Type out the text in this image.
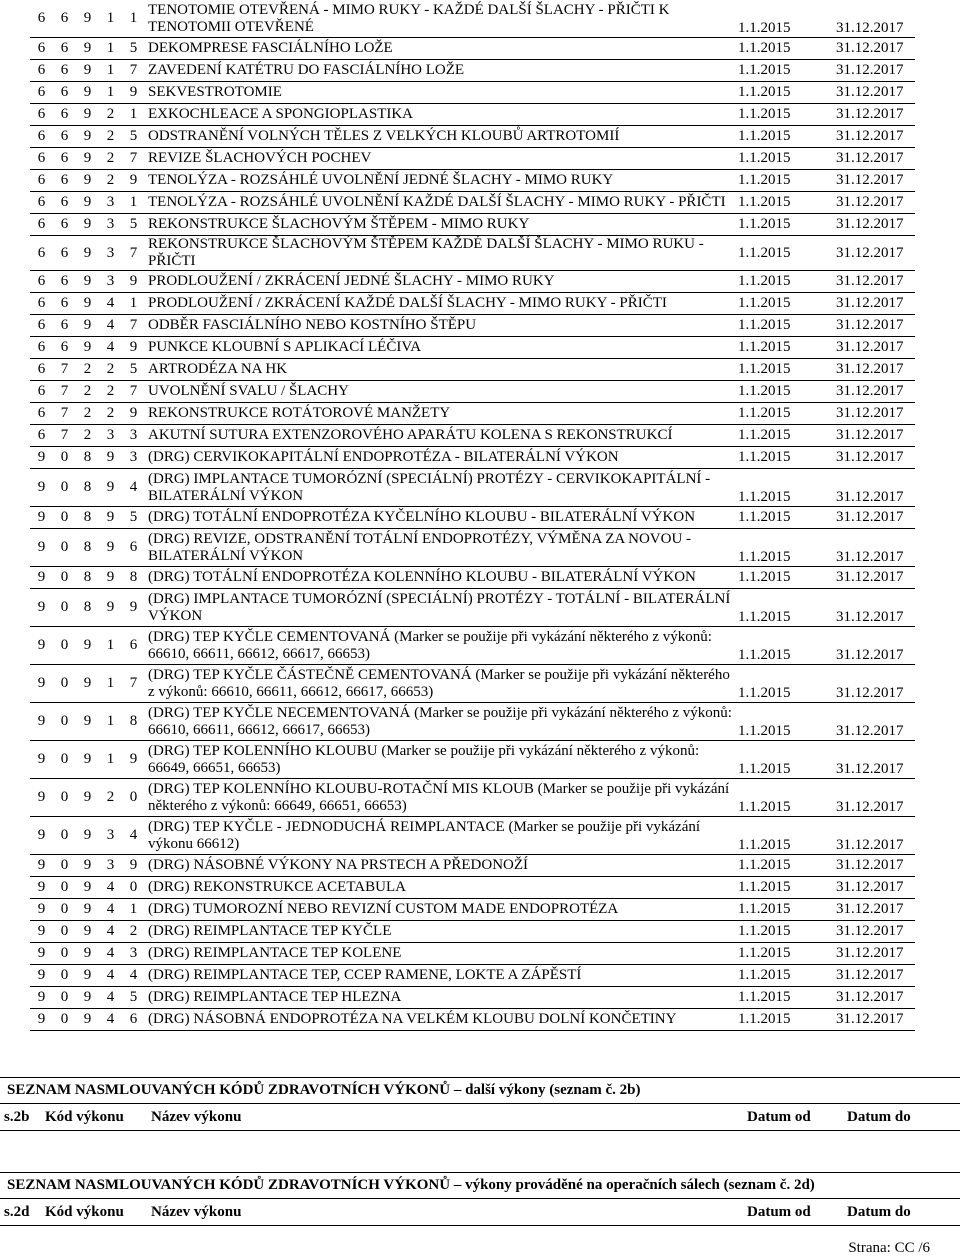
6	6	9	1	1	TENOTOMIE OTEVŘENÁ - MIMO RUKY - KAŽDÉ DALŠÍ ŠLACHY - PŘIČTI K TENOTOMII OTEVŘENÉ	1.1.2015	31.12.2017
6	6	9	1	5	DEKOMPRESE FASCIÁLNÍHO LOŽE	1.1.2015	31.12.2017
6	6	9	1	7	ZAVEDENÍ KATÉTRU DO FASCIÁLNÍHO LOŽE	1.1.2015	31.12.2017
6	6	9	1	9	SEKVESTROTOMIE	1.1.2015	31.12.2017
6	6	9	2	1	EXKOCHLEACE A SPONGIOPLASTIKA	1.1.2015	31.12.2017
6	6	9	2	5	ODSTRANĚNÍ VOLNÝCH TĚLES Z VELKÝCH KLOUBŮ ARTROTOMIÍ	1.1.2015	31.12.2017
6	6	9	2	7	REVIZE ŠLACHOVÝCH POCHEV	1.1.2015	31.12.2017
6	6	9	2	9	TENOLÝZA - ROZSÁHLÉ UVOLNĚNÍ JEDNÉ ŠLACHY - MIMO RUKY	1.1.2015	31.12.2017
6	6	9	3	1	TENOLÝZA - ROZSÁHLÉ UVOLNĚNÍ KAŽDÉ DALŠÍ ŠLACHY - MIMO RUKY - PŘIČTI	1.1.2015	31.12.2017
6	6	9	3	5	REKONSTRUKCE ŠLACHOVÝM ŠTĚPEM - MIMO RUKY	1.1.2015	31.12.2017
6	6	9	3	7	REKONSTRUKCE ŠLACHOVÝM ŠTĚPEM KAŽDÉ DALŠÍ ŠLACHY - MIMO RUKU - PŘIČTI	1.1.2015	31.12.2017
6	6	9	3	9	PRODLOUŽENÍ / ZKRÁCENÍ JEDNÉ ŠLACHY - MIMO RUKY	1.1.2015	31.12.2017
6	6	9	4	1	PRODLOUŽENÍ / ZKRÁCENÍ KAŽDÉ DALŠÍ ŠLACHY - MIMO RUKY - PŘIČTI	1.1.2015	31.12.2017
6	6	9	4	7	ODBĚR FASCIÁLNÍHO NEBO KOSTNÍHO ŠTĚPU	1.1.2015	31.12.2017
6	6	9	4	9	PUNKCE KLOUBNÍ S APLIKACÍ LÉČIVA	1.1.2015	31.12.2017
6	7	2	2	5	ARTRODÉZA NA HK	1.1.2015	31.12.2017
6	7	2	2	7	UVOLNĚNÍ SVALU / ŠLACHY	1.1.2015	31.12.2017
6	7	2	2	9	REKONSTRUKCE ROTÁTOROVÉ MANŽETY	1.1.2015	31.12.2017
6	7	2	3	3	AKUTNÍ SUTURA EXTENZOROVÉHO APARÁTU KOLENA S REKONSTRUKCÍ	1.1.2015	31.12.2017
9	0	8	9	3	(DRG) CERVIKOKAPITÁLNÍ ENDOPROTÉZA - BILATERÁLNÍ VÝKON	1.1.2015	31.12.2017
9	0	8	9	4	(DRG) IMPLANTACE TUMORÓZNÍ (SPECIÁLNÍ) PROTÉZY - CERVIKOKAPITÁLNÍ - BILATERÁLNÍ VÝKON	1.1.2015	31.12.2017
9	0	8	9	5	(DRG) TOTÁLNÍ ENDOPROTÉZA KYČELNÍHO KLOUBU - BILATERÁLNÍ VÝKON	1.1.2015	31.12.2017
9	0	8	9	6	(DRG) REVIZE, ODSTRANĚNÍ TOTÁLNÍ ENDOPROTÉZY, VÝMĚNA ZA NOVOU - BILATERÁLNÍ VÝKON	1.1.2015	31.12.2017
9	0	8	9	8	(DRG) TOTÁLNÍ ENDOPROTÉZA KOLENNÍHO KLOUBU - BILATERÁLNÍ VÝKON	1.1.2015	31.12.2017
9	0	8	9	9	(DRG) IMPLANTACE TUMORÓZNÍ (SPECIÁLNÍ) PROTÉZY - TOTÁLNÍ - BILATERÁLNÍ VÝKON	1.1.2015	31.12.2017
9	0	9	1	6	(DRG) TEP KYČLE CEMENTOVANÁ (Marker se použije při vykázání některého z výkonů: 66610, 66611, 66612, 66617, 66653)	1.1.2015	31.12.2017
9	0	9	1	7	(DRG) TEP KYČLE ČÁSTEČNĚ CEMENTOVANÁ (Marker se použije při vykázání některého z výkonů: 66610, 66611, 66612, 66617, 66653)	1.1.2015	31.12.2017
9	0	9	1	8	(DRG) TEP KYČLE NECEMENTOVANÁ (Marker se použije při vykázání některého z výkonů: 66610, 66611, 66612, 66617, 66653)	1.1.2015	31.12.2017
9	0	9	1	9	(DRG) TEP KOLENNÍHO KLOUBU (Marker se použije při vykázání některého z výkonů: 66649, 66651, 66653)	1.1.2015	31.12.2017
9	0	9	2	0	(DRG) TEP KOLENNÍHO KLOUBU-ROTAČNÍ MIS KLOUB (Marker se použije při vykázání některého z výkonů: 66649, 66651, 66653)	1.1.2015	31.12.2017
9	0	9	3	4	(DRG) TEP KYČLE - JEDNODUCHÁ REIMPLANTACE (Marker se použije při vykázání výkonu 66612)	1.1.2015	31.12.2017
9	0	9	3	9	(DRG) NÁSOBNÉ VÝKONY NA PRSTECH A PŘEDONOŽÍ	1.1.2015	31.12.2017
9	0	9	4	0	(DRG) REKONSTRUKCE ACETABULA	1.1.2015	31.12.2017
9	0	9	4	1	(DRG) TUMOROZNÍ NEBO REVIZNÍ CUSTOM MADE ENDOPROTÉZA	1.1.2015	31.12.2017
9	0	9	4	2	(DRG) REIMPLANTACE TEP KYČLE	1.1.2015	31.12.2017
9	0	9	4	3	(DRG) REIMPLANTACE TEP KOLENE	1.1.2015	31.12.2017
9	0	9	4	4	(DRG) REIMPLANTACE TEP, CCEP RAMENE, LOKTE A ZÁPĚSTÍ	1.1.2015	31.12.2017
9	0	9	4	5	(DRG) REIMPLANTACE TEP HLEZNA	1.1.2015	31.12.2017
9	0	9	4	6	(DRG) NÁSOBNÁ ENDOPROTÉZA NA VELKÉM KLOUBU DOLNÍ KONČETINY	1.1.2015	31.12.2017
SEZNAM NASMLOUVANÝCH KÓDŮ ZDRAVOTNÍCH VÝKONŮ – další výkony (seznam č. 2b)
s.2b	Kód výkonu	Název výkonu	Datum od	Datum do
SEZNAM NASMLOUVANÝCH KÓDŮ ZDRAVOTNÍCH VÝKONŮ – výkony prováděné na operačních sálech (seznam č. 2d)
s.2d	Kód výkonu	Název výkonu	Datum od	Datum do
Strana: CC /6
